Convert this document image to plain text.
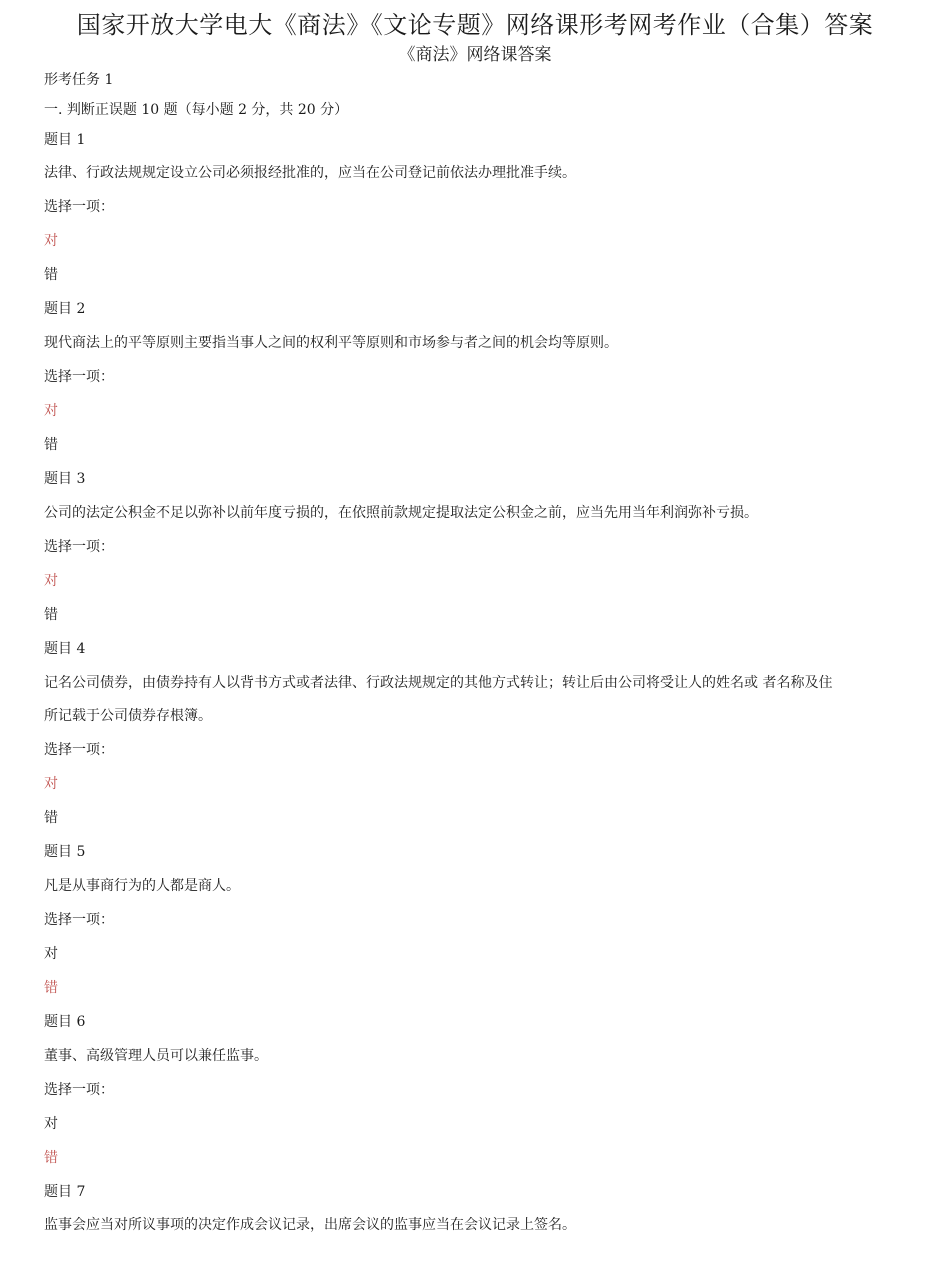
国家开放大学电大《商法》《文论专题》网络课形考网考作业（合集）答案
《商法》网络课答案
形考任务 1
一. 判断正误题 10 题（每小题 2 分，共 20 分）
题目 1
法律、行政法规规定设立公司必须报经批准的，应当在公司登记前依法办理批准手续。
选择一项：
对
错
题目 2
现代商法上的平等原则主要指当事人之间的权利平等原则和市场参与者之间的机会均等原则。
选择一项：
对
错
题目 3
公司的法定公积金不足以弥补以前年度亏损的，在依照前款规定提取法定公积金之前，应当先用当年利润弥补亏损。
选择一项：
对
错
题目 4
记名公司债券，由债券持有人以背书方式或者法律、行政法规规定的其他方式转让；转让后由公司将受让人的姓名或 者名称及住
所记载于公司债券存根簿。
选择一项：
对
错
题目 5
凡是从事商行为的人都是商人。
选择一项：
对
错
题目 6
董事、高级管理人员可以兼任监事。
选择一项：
对
错
题目 7
监事会应当对所议事项的决定作成会议记录，出席会议的监事应当在会议记录上签名。
